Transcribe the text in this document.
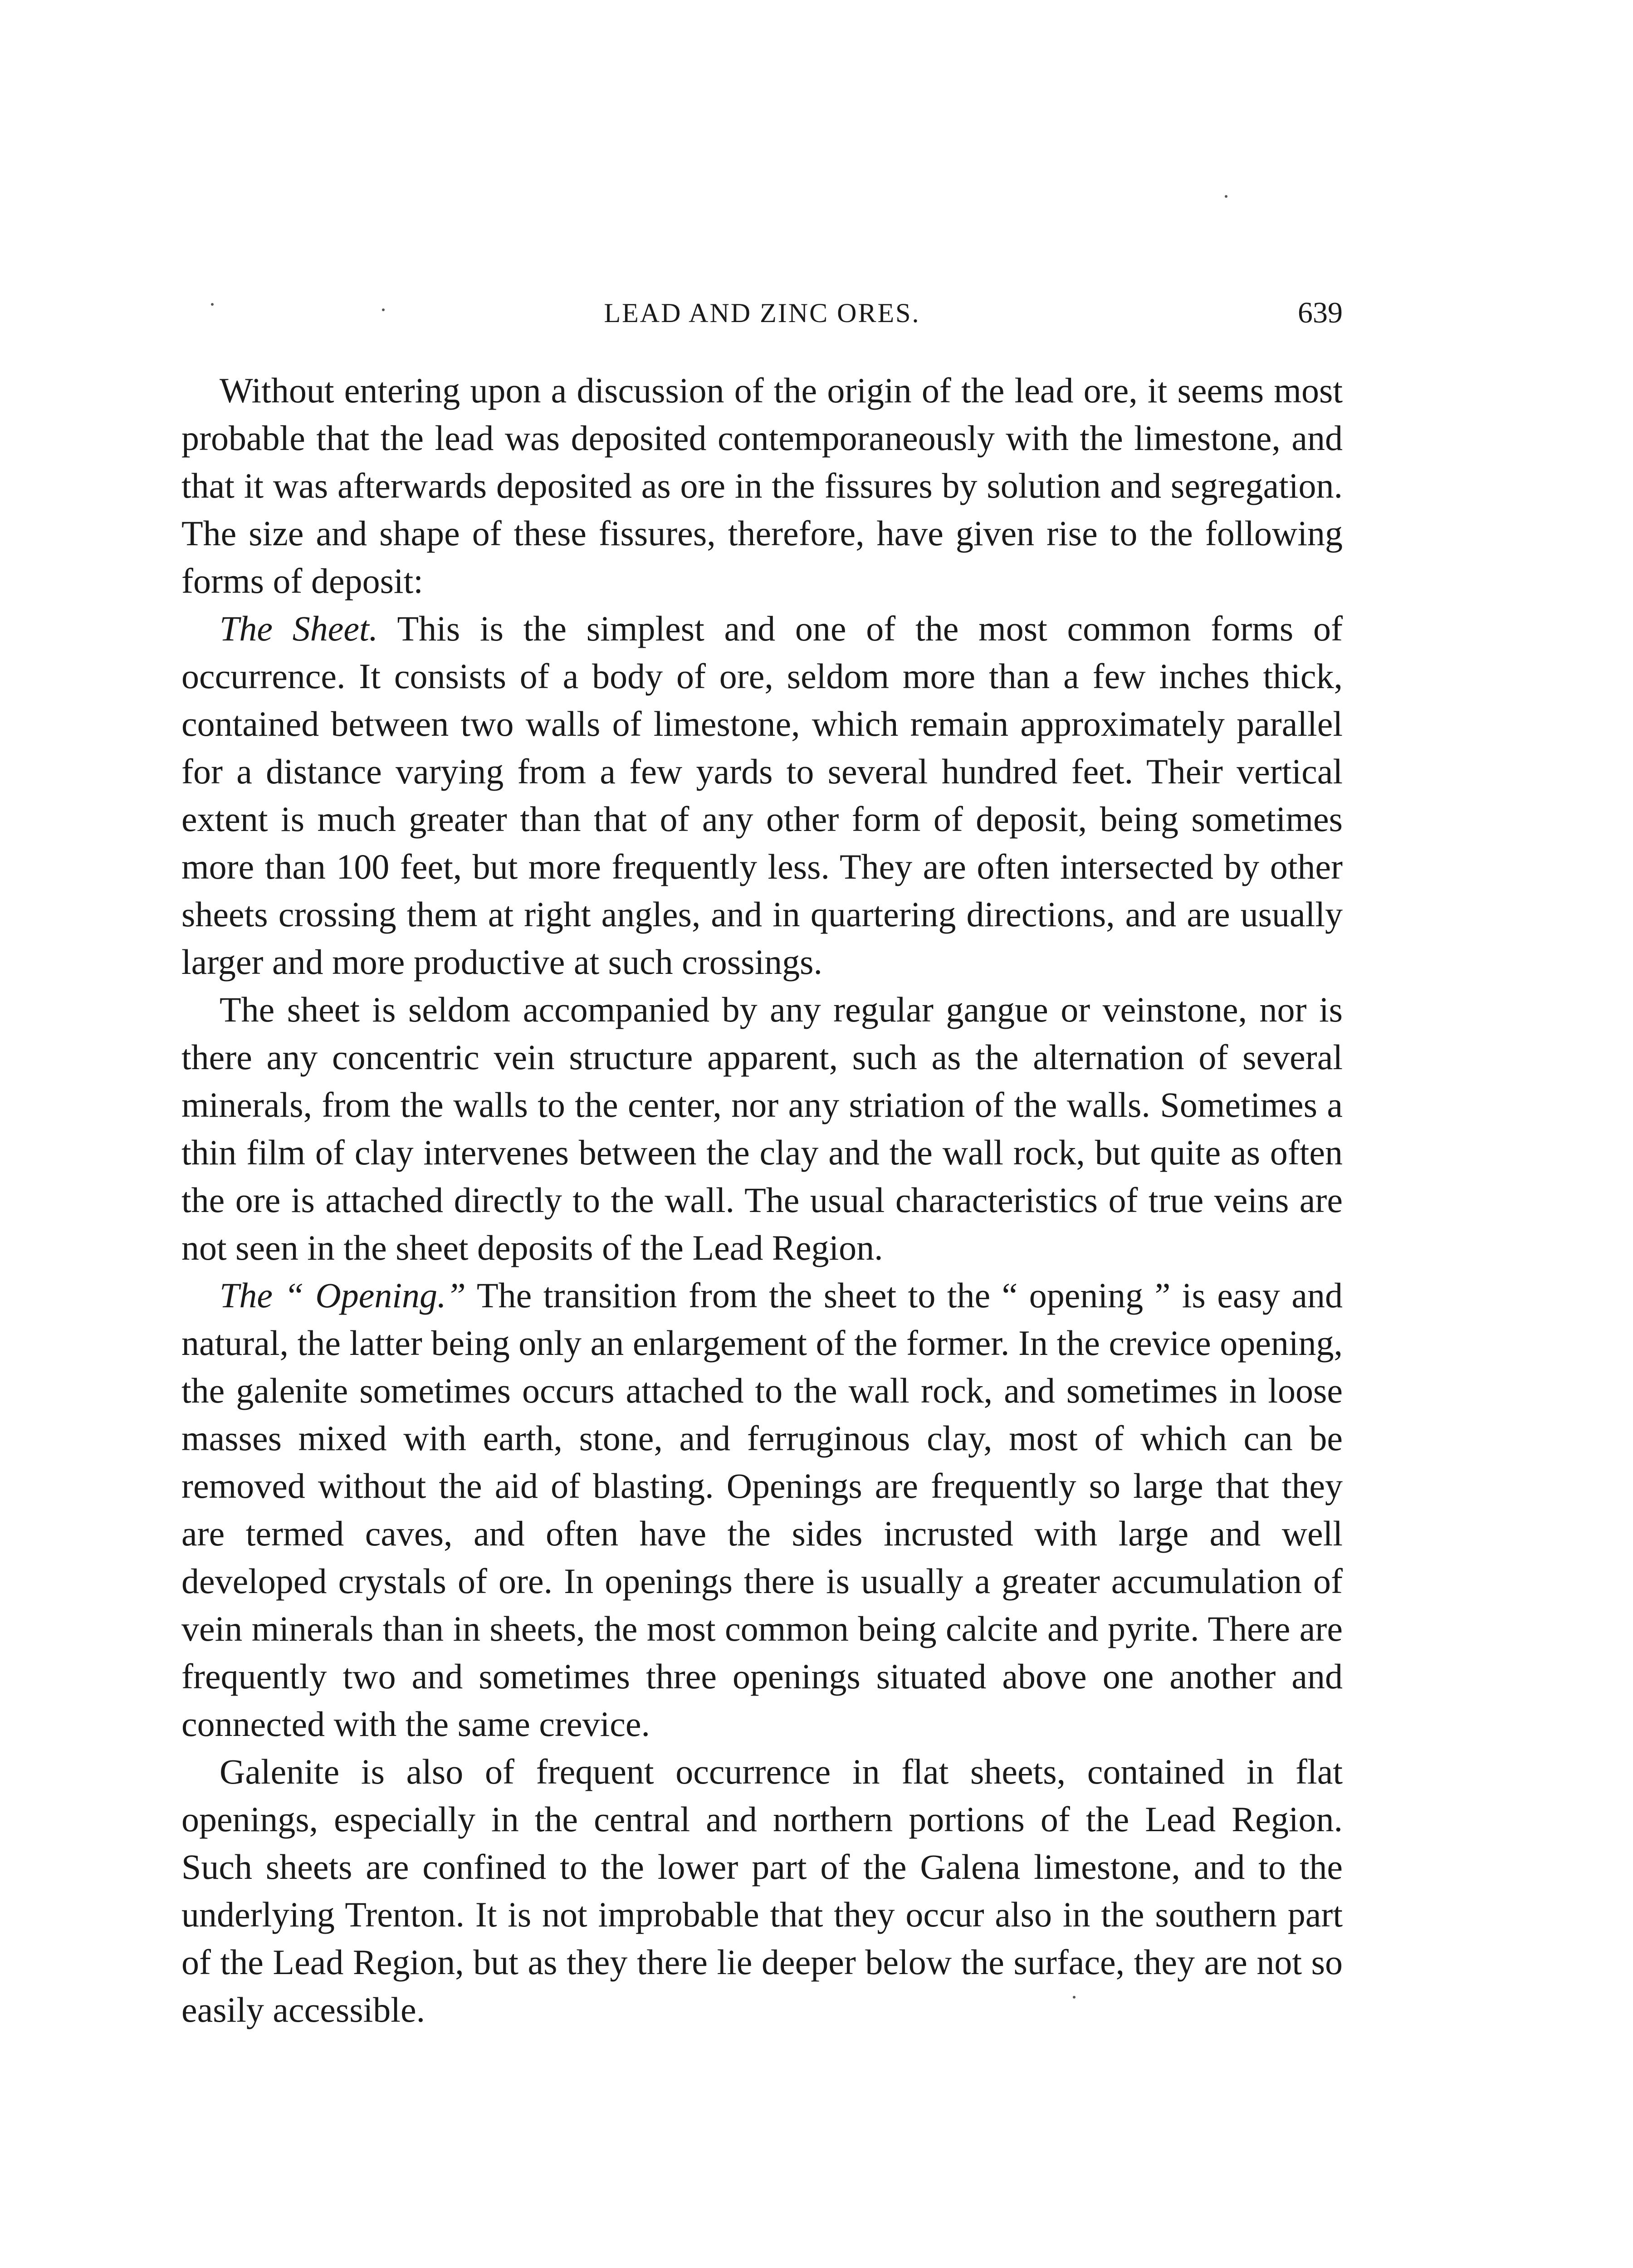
LEAD AND ZINC ORES.	639

Without entering upon a discussion of the origin of the lead ore, it seems most probable that the lead was deposited contemporaneously with the limestone, and that it was afterwards deposited as ore in the fissures by solution and segregation. The size and shape of these fissures, therefore, have given rise to the following forms of deposit:

The Sheet. This is the simplest and one of the most common forms of occurrence. It consists of a body of ore, seldom more than a few inches thick, contained between two walls of limestone, which remain approximately parallel for a distance varying from a few yards to several hundred feet. Their vertical extent is much greater than that of any other form of deposit, being sometimes more than 100 feet, but more frequently less. They are often intersected by other sheets crossing them at right angles, and in quartering directions, and are usually larger and more productive at such crossings.

The sheet is seldom accompanied by any regular gangue or veinstone, nor is there any concentric vein structure apparent, such as the alternation of several minerals, from the walls to the center, nor any striation of the walls. Sometimes a thin film of clay intervenes between the clay and the wall rock, but quite as often the ore is attached directly to the wall. The usual characteristics of true veins are not seen in the sheet deposits of the Lead Region.

The “ Opening.” The transition from the sheet to the “ opening ” is easy and natural, the latter being only an enlargement of the former. In the crevice opening, the galenite sometimes occurs attached to the wall rock, and sometimes in loose masses mixed with earth, stone, and ferruginous clay, most of which can be removed without the aid of blasting. Openings are frequently so large that they are termed caves, and often have the sides incrusted with large and well developed crystals of ore. In openings there is usually a greater accumulation of vein minerals than in sheets, the most common being calcite and pyrite. There are frequently two and sometimes three openings situated above one another and connected with the same crevice.

Galenite is also of frequent occurrence in flat sheets, contained in flat openings, especially in the central and northern portions of the Lead Region. Such sheets are confined to the lower part of the Galena limestone, and to the underlying Trenton. It is not improbable that they occur also in the southern part of the Lead Region, but as they there lie deeper below the surface, they are not so easily accessible.
